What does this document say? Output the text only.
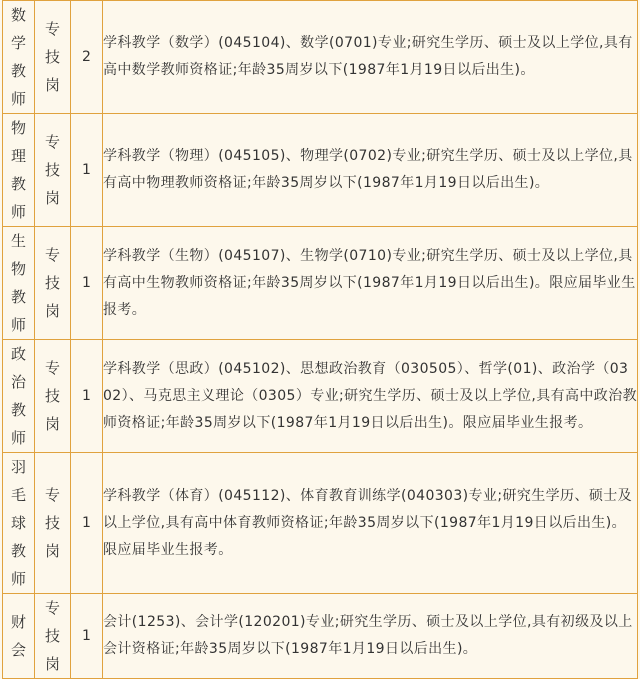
数
学
教
师	专
技
岗	2	学科教学（数学）(045104)、数学(0701)专业;研究生学历、硕士及以上学位,具有高中数学教师资格证;年龄35周岁以下(1987年1月19日以后出生)。

物
理
教
师	专
技
岗	1	学科教学（物理）(045105)、物理学(0702)专业;研究生学历、硕士及以上学位,具有高中物理教师资格证;年龄35周岁以下(1987年1月19日以后出生)。

生
物
教
师	专
技
岗	1	学科教学（生物）(045107)、生物学(0710)专业;研究生学历、硕士及以上学位,具有高中生物教师资格证;年龄35周岁以下(1987年1月19日以后出生)。限应届毕业生报考。

政
治
教
师	专
技
岗	1	学科教学（思政）(045102)、思想政治教育（030505）、哲学(01)、政治学（0302）、马克思主义理论（0305）专业;研究生学历、硕士及以上学位,具有高中政治教师资格证;年龄35周岁以下(1987年1月19日以后出生)。限应届毕业生报考。

羽
毛
球
教
师	专
技
岗	1	学科教学（体育）(045112)、体育教育训练学(040303)专业;研究生学历、硕士及以上学位,具有高中体育教师资格证;年龄35周岁以下(1987年1月19日以后出生)。限应届毕业生报考。

财
会	专
技
岗	1	会计(1253)、会计学(120201)专业;研究生学历、硕士及以上学位,具有初级及以上会计资格证;年龄35周岁以下(1987年1月19日以后出生)。
